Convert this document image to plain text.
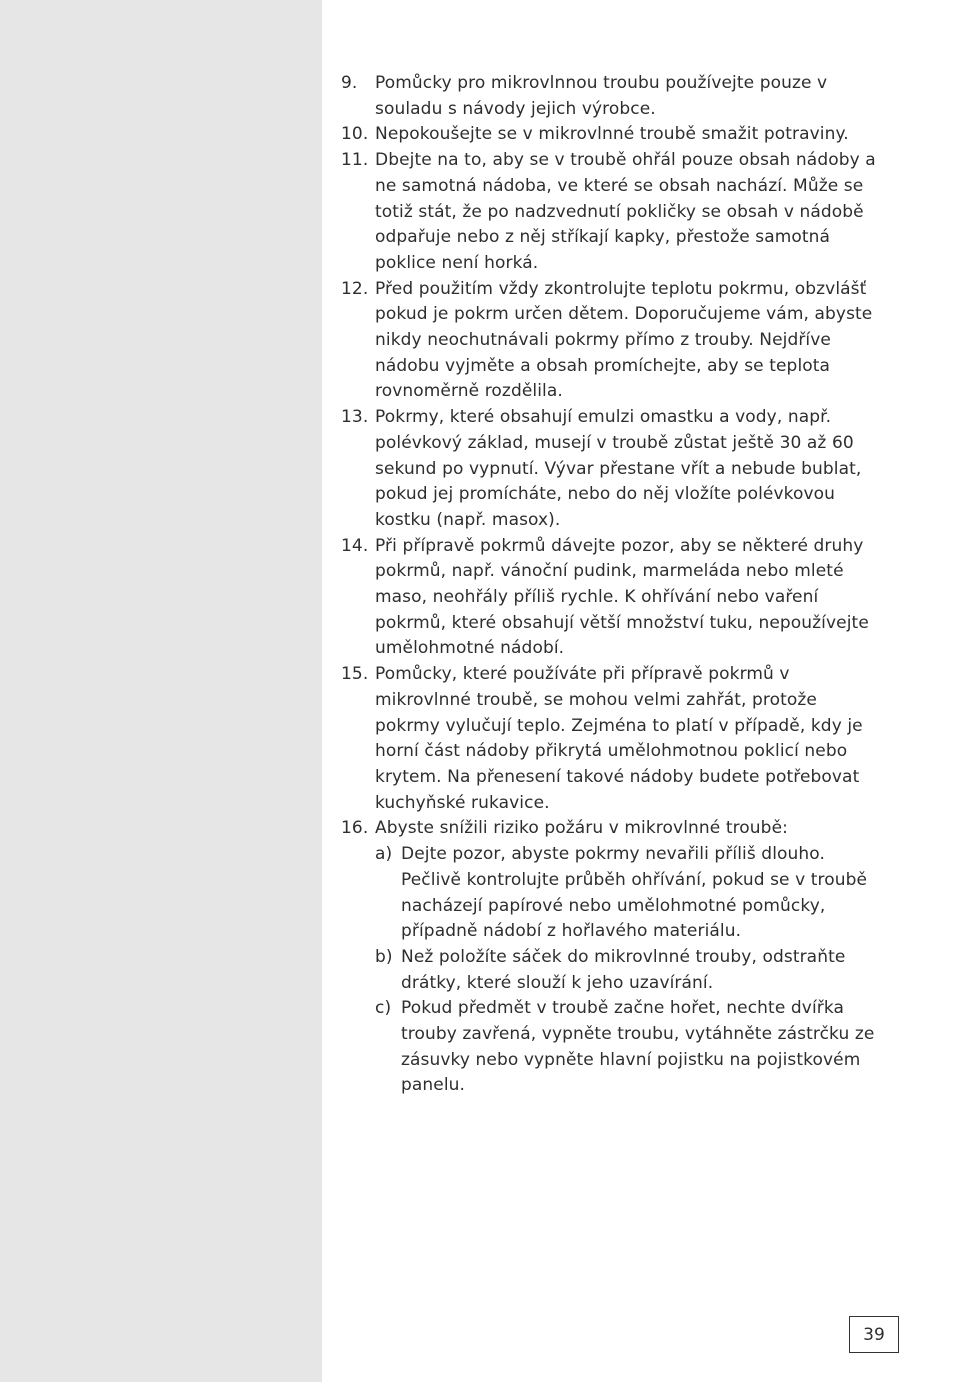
9.	Pomůcky pro mikrovlnnou troubu používejte pouze v souladu s návody jejich výrobce.
10. Nepokoušejte se v mikrovlnné troubě smažit potraviny.
11. Dbejte na to, aby se v troubě ohřál pouze obsah nádoby a ne samotná nádoba, ve které se obsah nachází. Může se totiž stát, že po nadzvednutí pokličky se obsah v nádobě odpařuje nebo z něj stříkají kapky, přestože samotná poklice není horká.
12. Před použitím vždy zkontrolujte teplotu pokrmu, obzvlášť pokud je pokrm určen dětem. Doporučujeme vám, abyste nikdy neochutnávali pokrmy přímo z trouby. Nejdříve nádobu vyjměte a obsah promíchejte, aby se teplota rovnoměrně rozdělila.
13. Pokrmy, které obsahují emulzi omastku a vody, např. polévkový základ, musejí v troubě zůstat ještě 30 až 60 sekund po vypnutí. Vývar přestane vřít a nebude bublat, pokud jej promícháte, nebo do něj vložíte polévkovou kostku (např. masox).
14. Při přípravě pokrmů dávejte pozor, aby se některé druhy pokrmů, např. vánoční pudink, marmeláda nebo mleté maso, neohřály příliš rychle. K ohřívání nebo vaření pokrmů, které obsahují větší množství tuku, nepoužívejte umělohmotné nádobí.
15. Pomůcky, které používáte při přípravě pokrmů v mikrovlnné troubě, se mohou velmi zahřát, protože pokrmy vylučují teplo. Zejména to platí v případě, kdy je horní část nádoby přikrytá umělohmotnou poklicí nebo krytem. Na přenesení takové nádoby budete potřebovat kuchyňské rukavice.
16. Abyste snížili riziko požáru v mikrovlnné troubě:
a) Dejte pozor, abyste pokrmy nevařili příliš dlouho. Pečlivě kontrolujte průběh ohřívání, pokud se v troubě nacházejí papírové nebo umělohmotné pomůcky, případně nádobí z hořlavého materiálu.
b) Než položíte sáček do mikrovlnné trouby, odstraňte drátky, které slouží k jeho uzavírání.
c) Pokud předmět v troubě začne hořet, nechte dvířka trouby zavřená, vypněte troubu, vytáhněte zástrčku ze zásuvky nebo vypněte hlavní pojistku na pojistkovém panelu.
39
